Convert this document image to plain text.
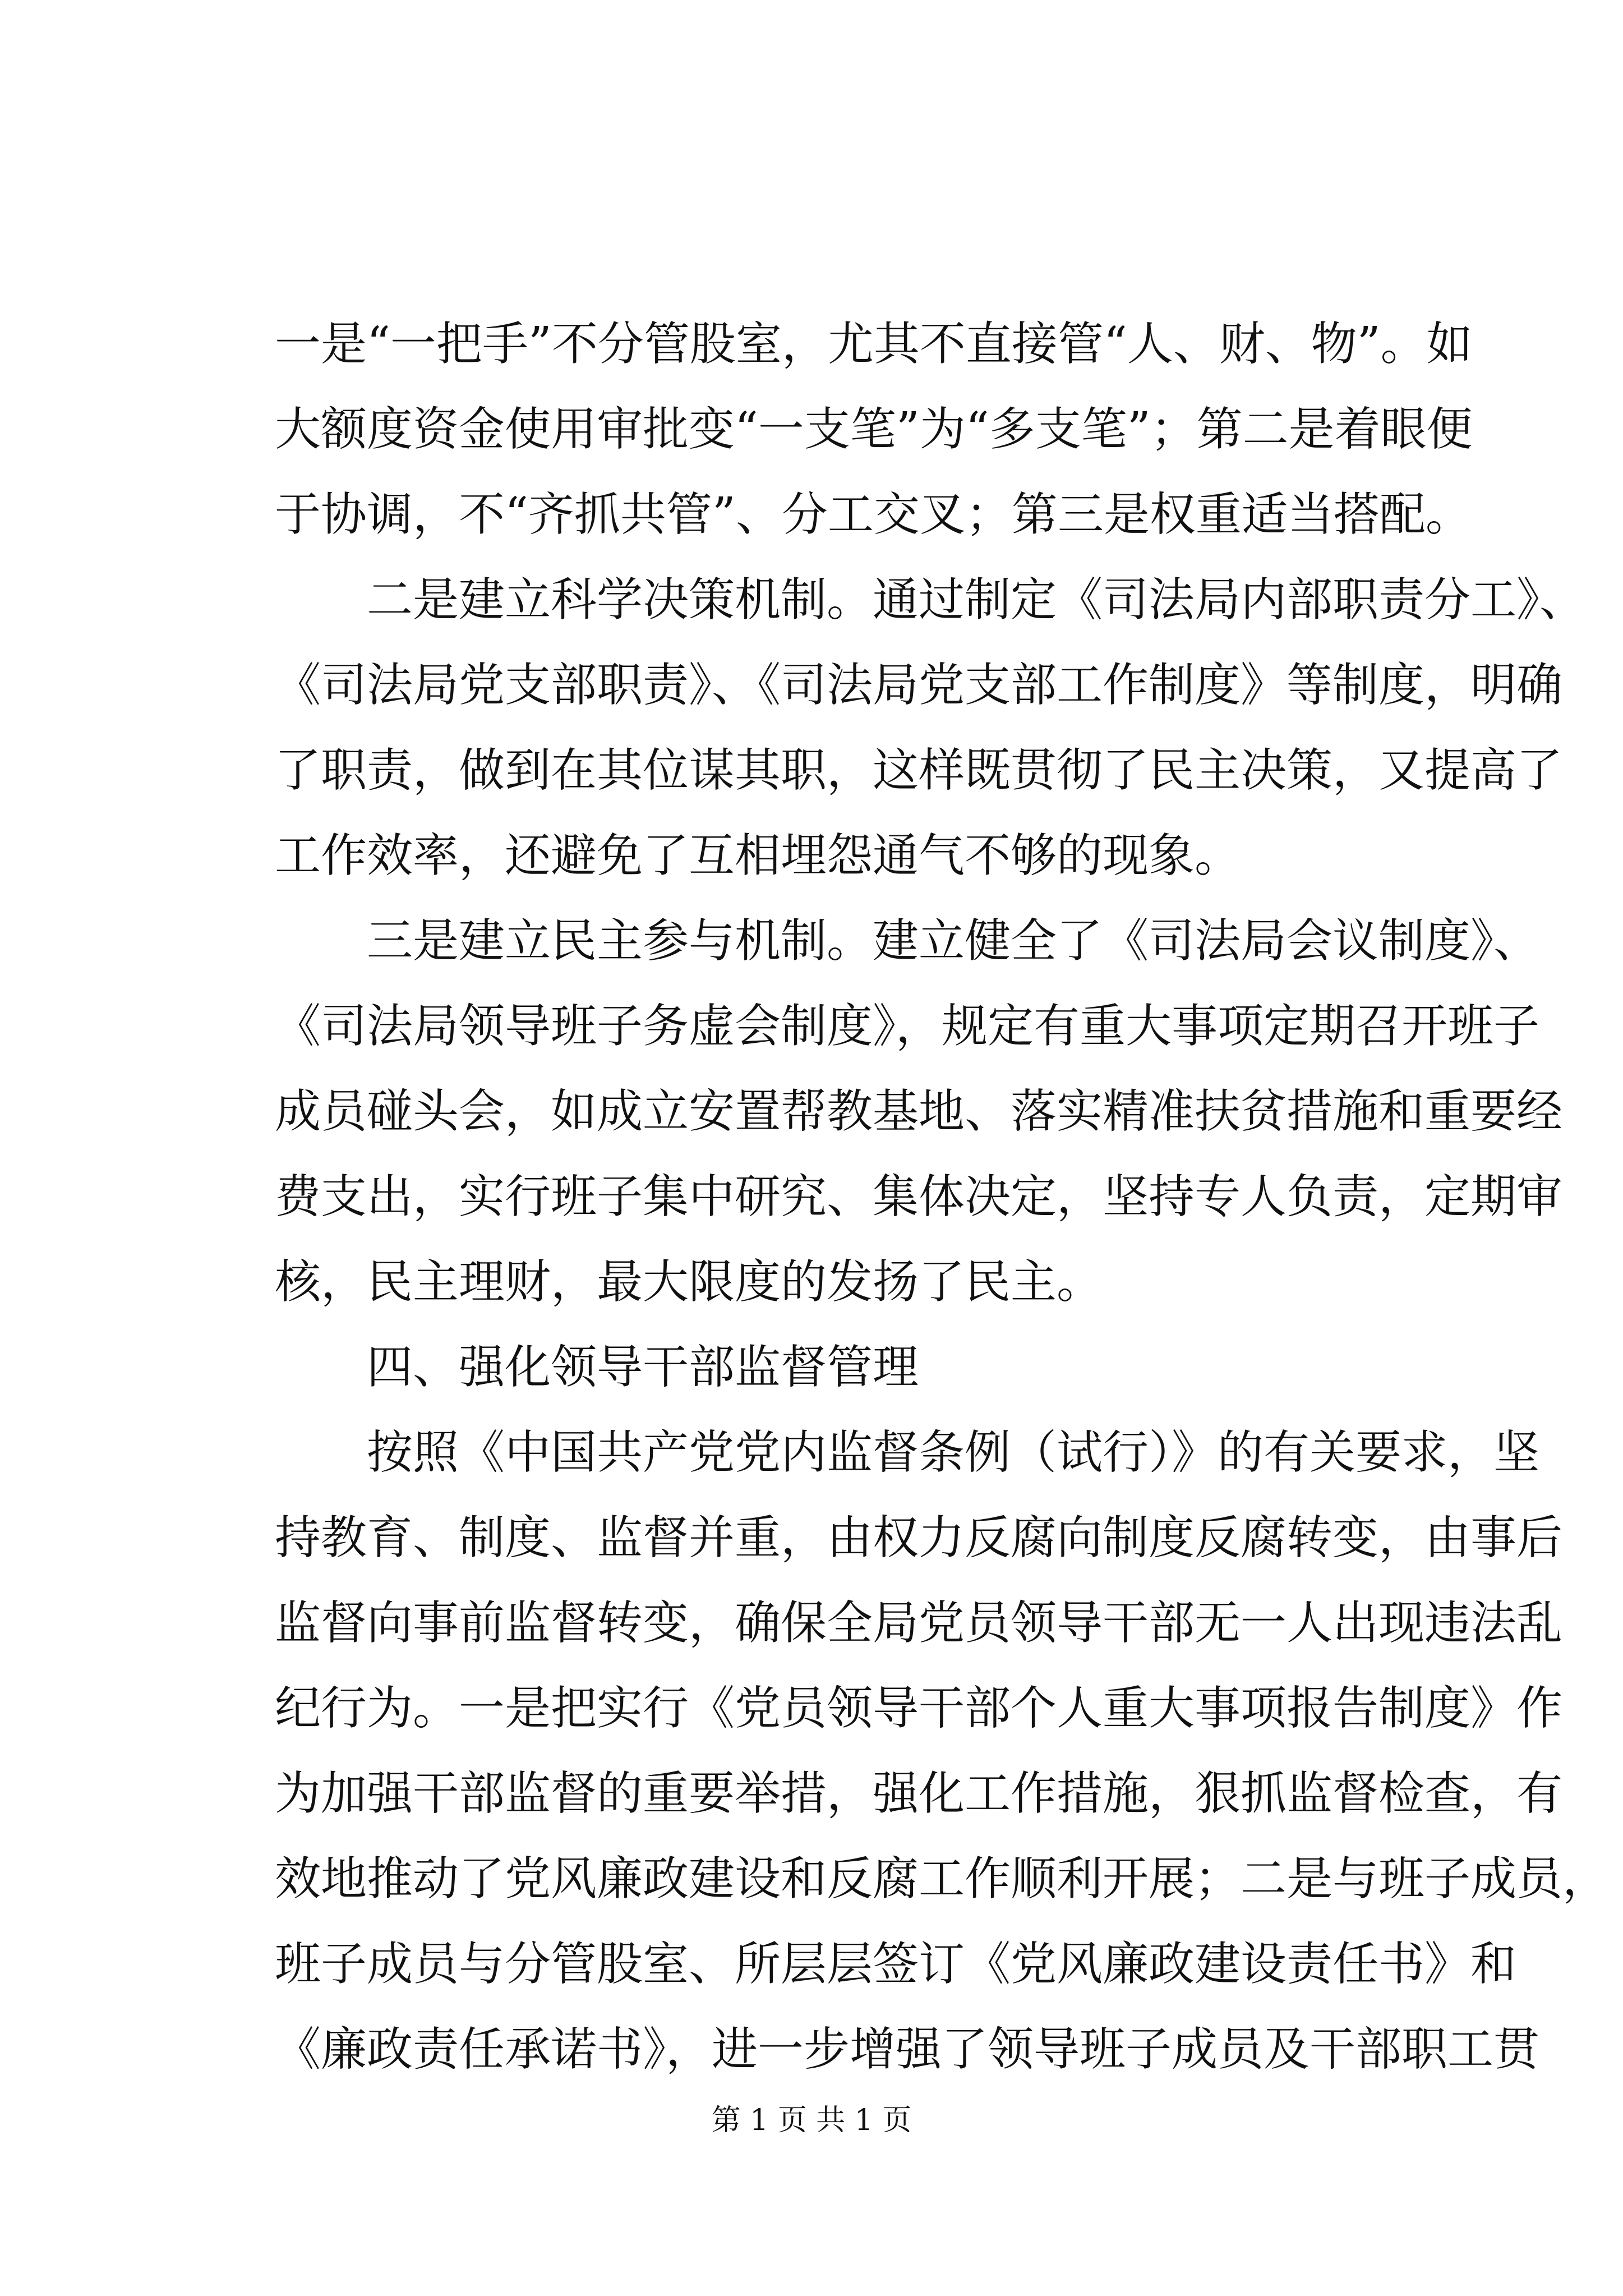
一是“一把手”不分管股室，尤其不直接管“人、财、物”。如
大额度资金使用审批变“一支笔”为“多支笔”；第二是着眼便
于协调，不“齐抓共管”、分工交叉；第三是权重适当搭配。
　　二是建立科学决策机制。通过制定《司法局内部职责分工》、
《司法局党支部职责》、《司法局党支部工作制度》等制度，明确
了职责，做到在其位谋其职，这样既贯彻了民主决策，又提高了
工作效率，还避免了互相埋怨通气不够的现象。
　　三是建立民主参与机制。建立健全了《司法局会议制度》、
《司法局领导班子务虚会制度》，规定有重大事项定期召开班子
成员碰头会，如成立安置帮教基地、落实精准扶贫措施和重要经
费支出，实行班子集中研究、集体决定，坚持专人负责，定期审
核，民主理财，最大限度的发扬了民主。
　　四、强化领导干部监督管理
　　按照《中国共产党党内监督条例（试行）》的有关要求，坚
持教育、制度、监督并重，由权力反腐向制度反腐转变，由事后
监督向事前监督转变，确保全局党员领导干部无一人出现违法乱
纪行为。一是把实行《党员领导干部个人重大事项报告制度》作
为加强干部监督的重要举措，强化工作措施，狠抓监督检查，有
效地推动了党风廉政建设和反腐工作顺利开展；二是与班子成员，
班子成员与分管股室、所层层签订《党风廉政建设责任书》和
《廉政责任承诺书》，进一步增强了领导班子成员及干部职工贯
第 1 页 共 1 页
